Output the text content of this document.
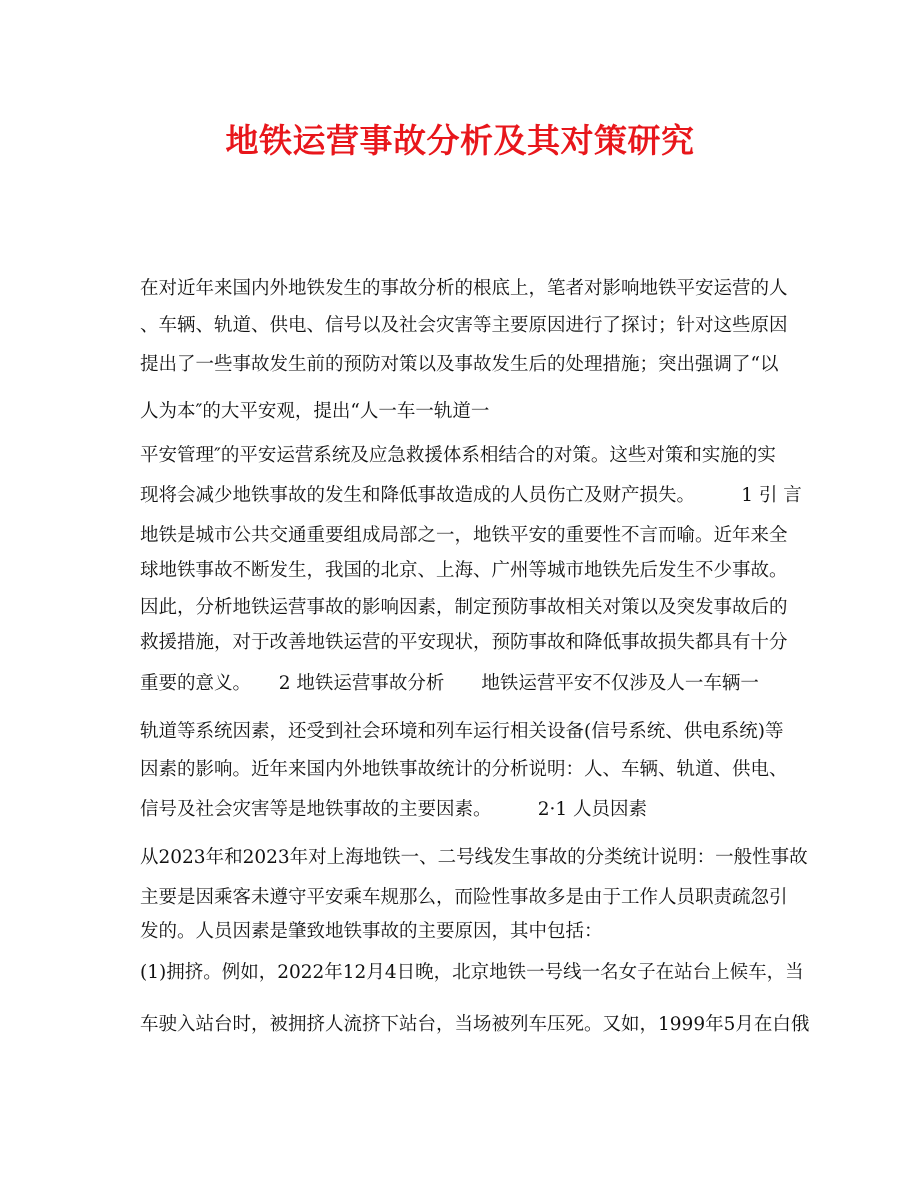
地铁运营事故分析及其对策研究
在对近年来国内外地铁发生的事故分析的根底上，笔者对影响地铁平安运营的人
、车辆、轨道、供电、信号以及社会灾害等主要原因进行了探讨；针对这些原因
提出了一些事故发生前的预防对策以及事故发生后的处理措施；突出强调了“以
人为本″的大平安观，提出“人一车一轨道一
平安管理″的平安运营系统及应急救援体系相结合的对策。这些对策和实施的实
现将会减少地铁事故的发生和降低事故造成的人员伤亡及财产损失。　　　1 引 言
地铁是城市公共交通重要组成局部之一，地铁平安的重要性不言而喻。近年来全
球地铁事故不断发生，我国的北京、上海、广州等城市地铁先后发生不少事故。
因此，分析地铁运营事故的影响因素，制定预防事故相关对策以及突发事故后的
救援措施，对于改善地铁运营的平安现状，预防事故和降低事故损失都具有十分
重要的意义。　　2 地铁运营事故分析　　地铁运营平安不仅涉及人一车辆一
轨道等系统因素，还受到社会环境和列车运行相关设备(信号系统、供电系统)等
因素的影响。近年来国内外地铁事故统计的分析说明：人、车辆、轨道、供电、
信号及社会灾害等是地铁事故的主要因素。　　　2·1 人员因素
从2023年和2023年对上海地铁一、二号线发生事故的分类统计说明：一般性事故
主要是因乘客未遵守平安乘车规那么，而险性事故多是由于工作人员职责疏忽引
发的。人员因素是肇致地铁事故的主要原因，其中包括：
(1)拥挤。例如，2022年12月4日晚，北京地铁一号线一名女子在站台上候车，当
车驶入站台时，被拥挤人流挤下站台，当场被列车压死。又如，1999年5月在白俄
